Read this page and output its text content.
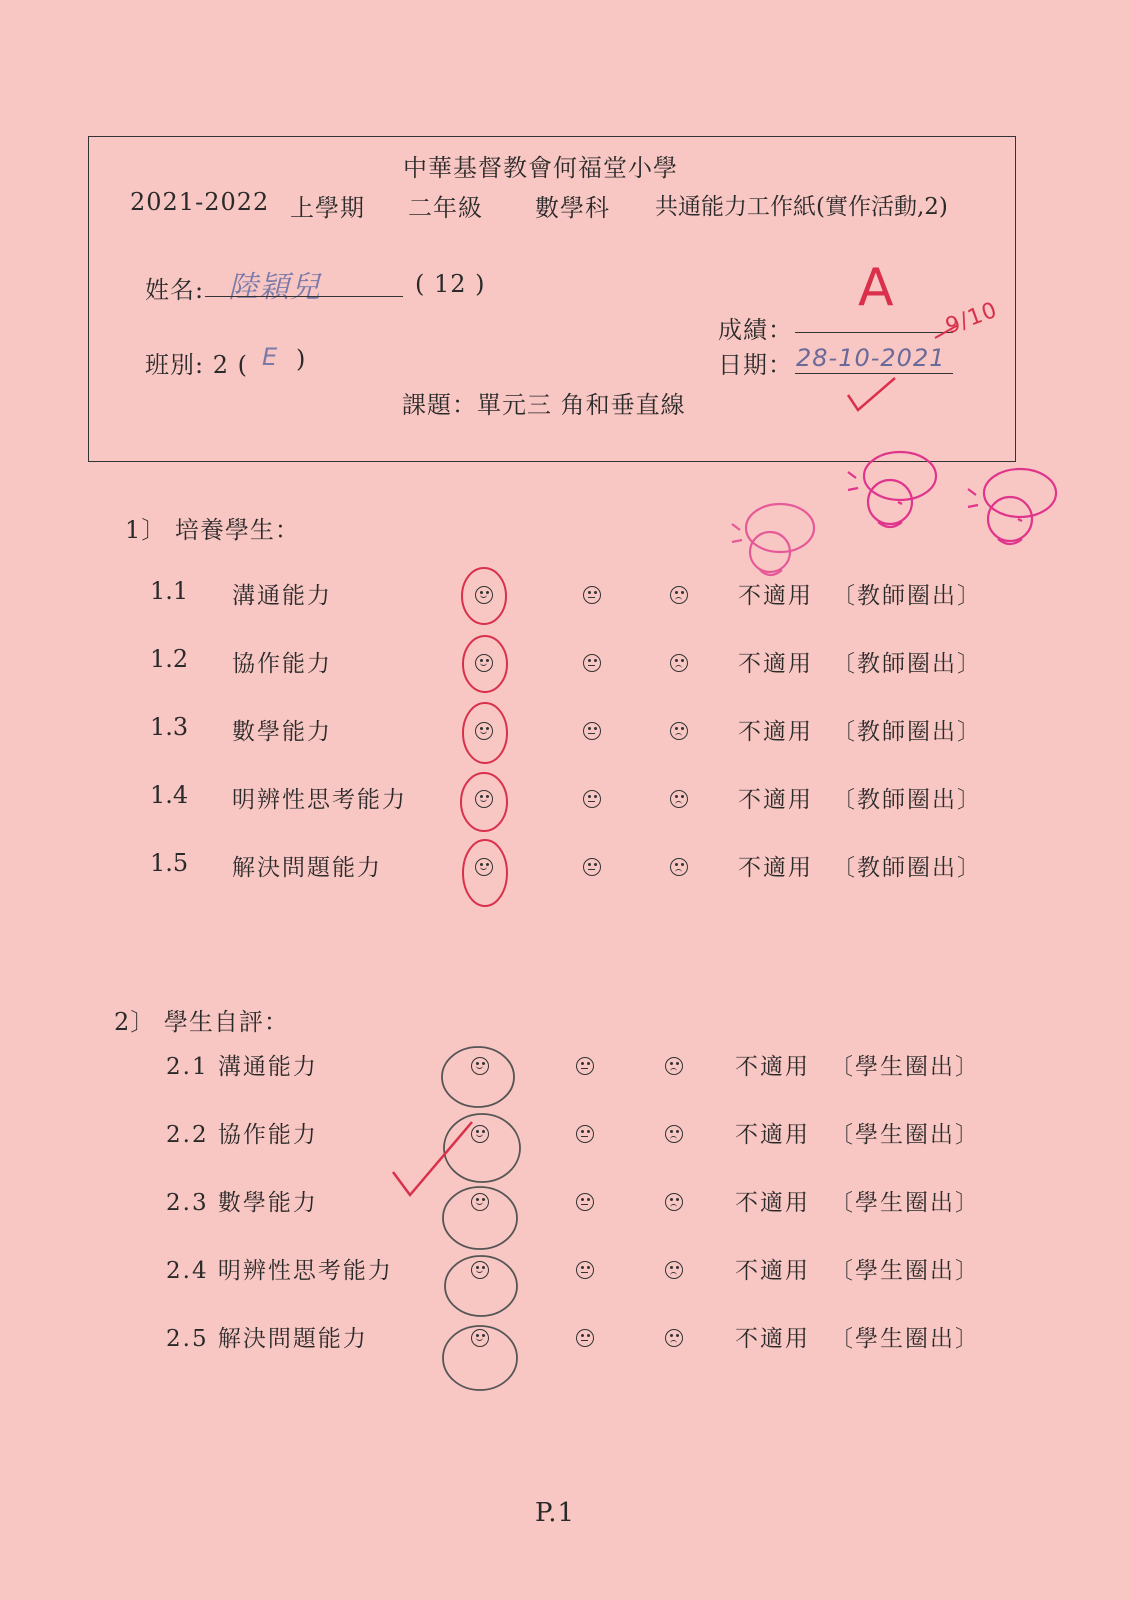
中華基督教會何福堂小學
2021-2022 上學期 二年級 數學科 共通能力工作紙(實作活動,2)
姓名: 陸穎兒	( 12 )
班別: 2 ( E )
成績：
A
9/10
日期： 28-10-2021
課題：單元三 角和垂直線
1〕 培養學生：
1.1 溝通能力	不適用 〔教師圈出〕
1.2 協作能力	不適用 〔教師圈出〕
1.3 數學能力	不適用 〔教師圈出〕
1.4 明辨性思考能力	不適用 〔教師圈出〕
1.5 解決問題能力	不適用 〔教師圈出〕
2〕 學生自評：
2.1 溝通能力	不適用 〔學生圈出〕
2.2 協作能力	不適用 〔學生圈出〕
2.3 數學能力	不適用 〔學生圈出〕
2.4 明辨性思考能力	不適用 〔學生圈出〕
2.5 解決問題能力	不適用 〔學生圈出〕
P.1
